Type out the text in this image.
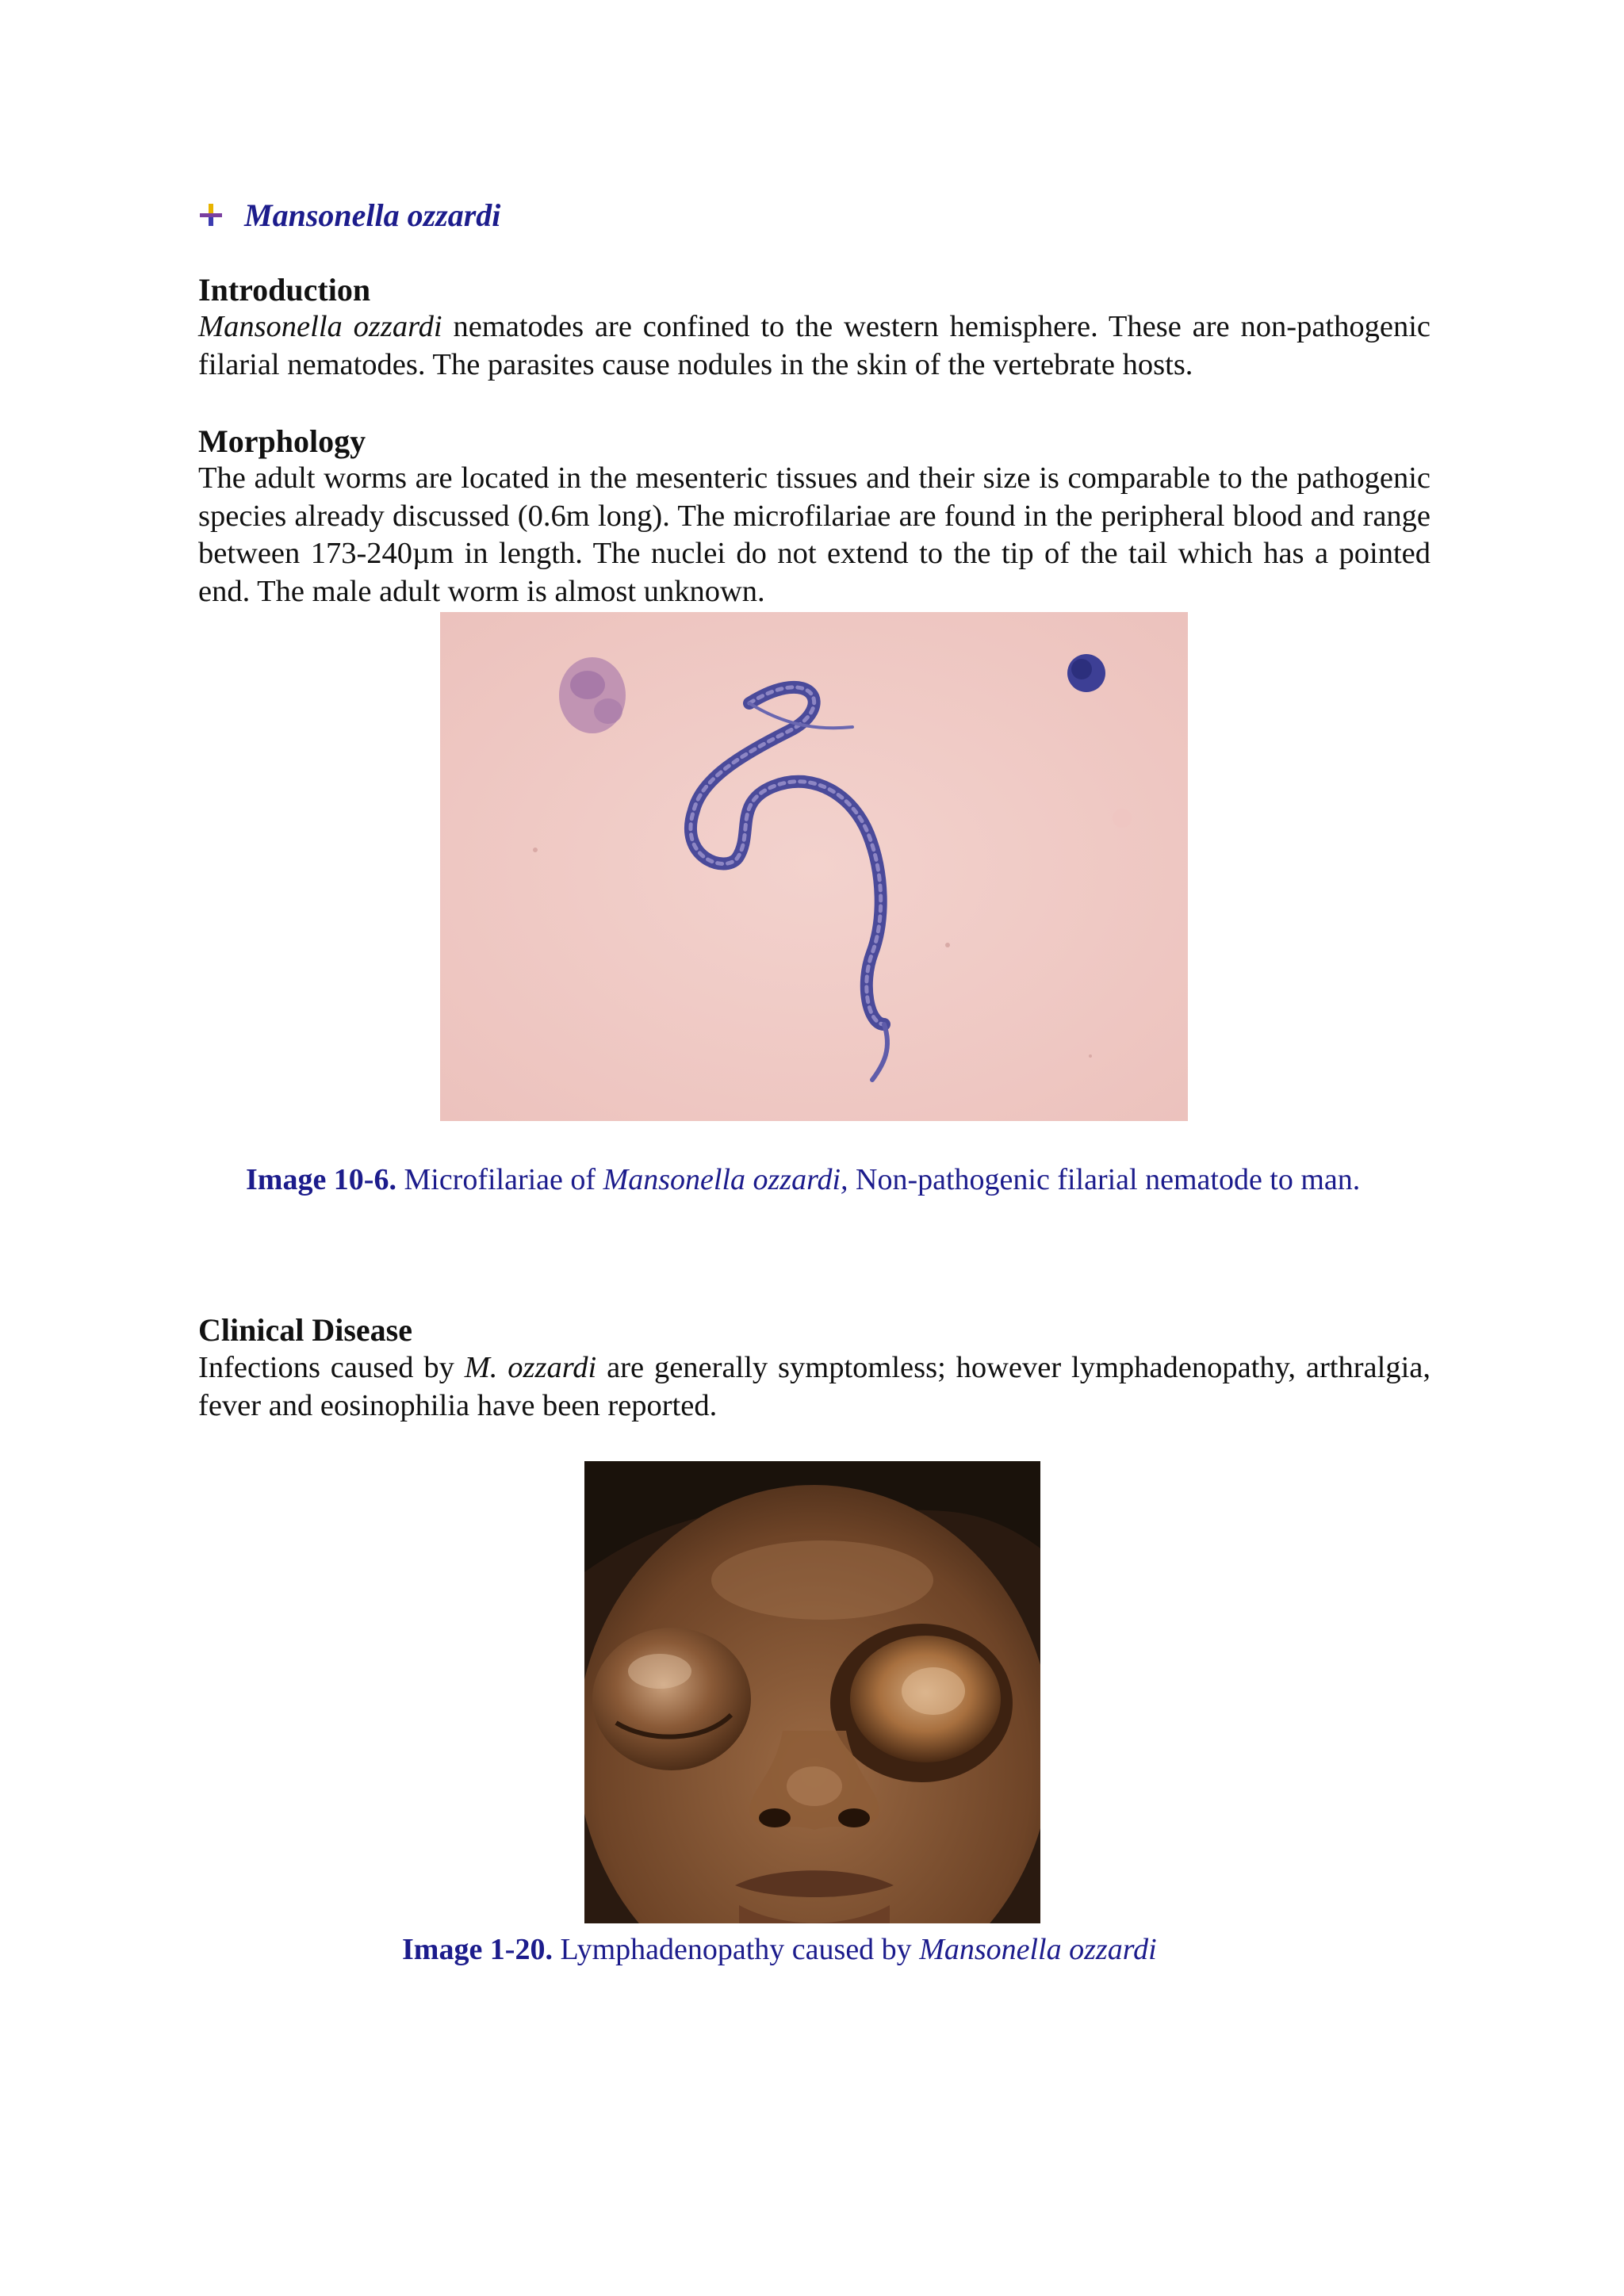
Mansonella ozzardi
Introduction

Mansonella ozzardi nematodes are confined to the western hemisphere. These are non-pathogenic filarial nematodes. The parasites cause nodules in the skin of the vertebrate hosts.

Morphology

The adult worms are located in the mesenteric tissues and their size is comparable to the pathogenic species already discussed (0.6m long). The microfilariae are found in the peripheral blood and range between 173-240µm in length. The nuclei do not extend to the tip of the tail which has a pointed end. The male adult worm is almost unknown.

Image 10-6. Microfilariae of Mansonella ozzardi, Non-pathogenic filarial nematode to man.
Clinical Disease

Infections caused by M. ozzardi are generally symptomless; however lymphadenopathy, arthralgia, fever and eosinophilia have been reported.

Image 1-20. Lymphadenopathy caused by Mansonella ozzardi
